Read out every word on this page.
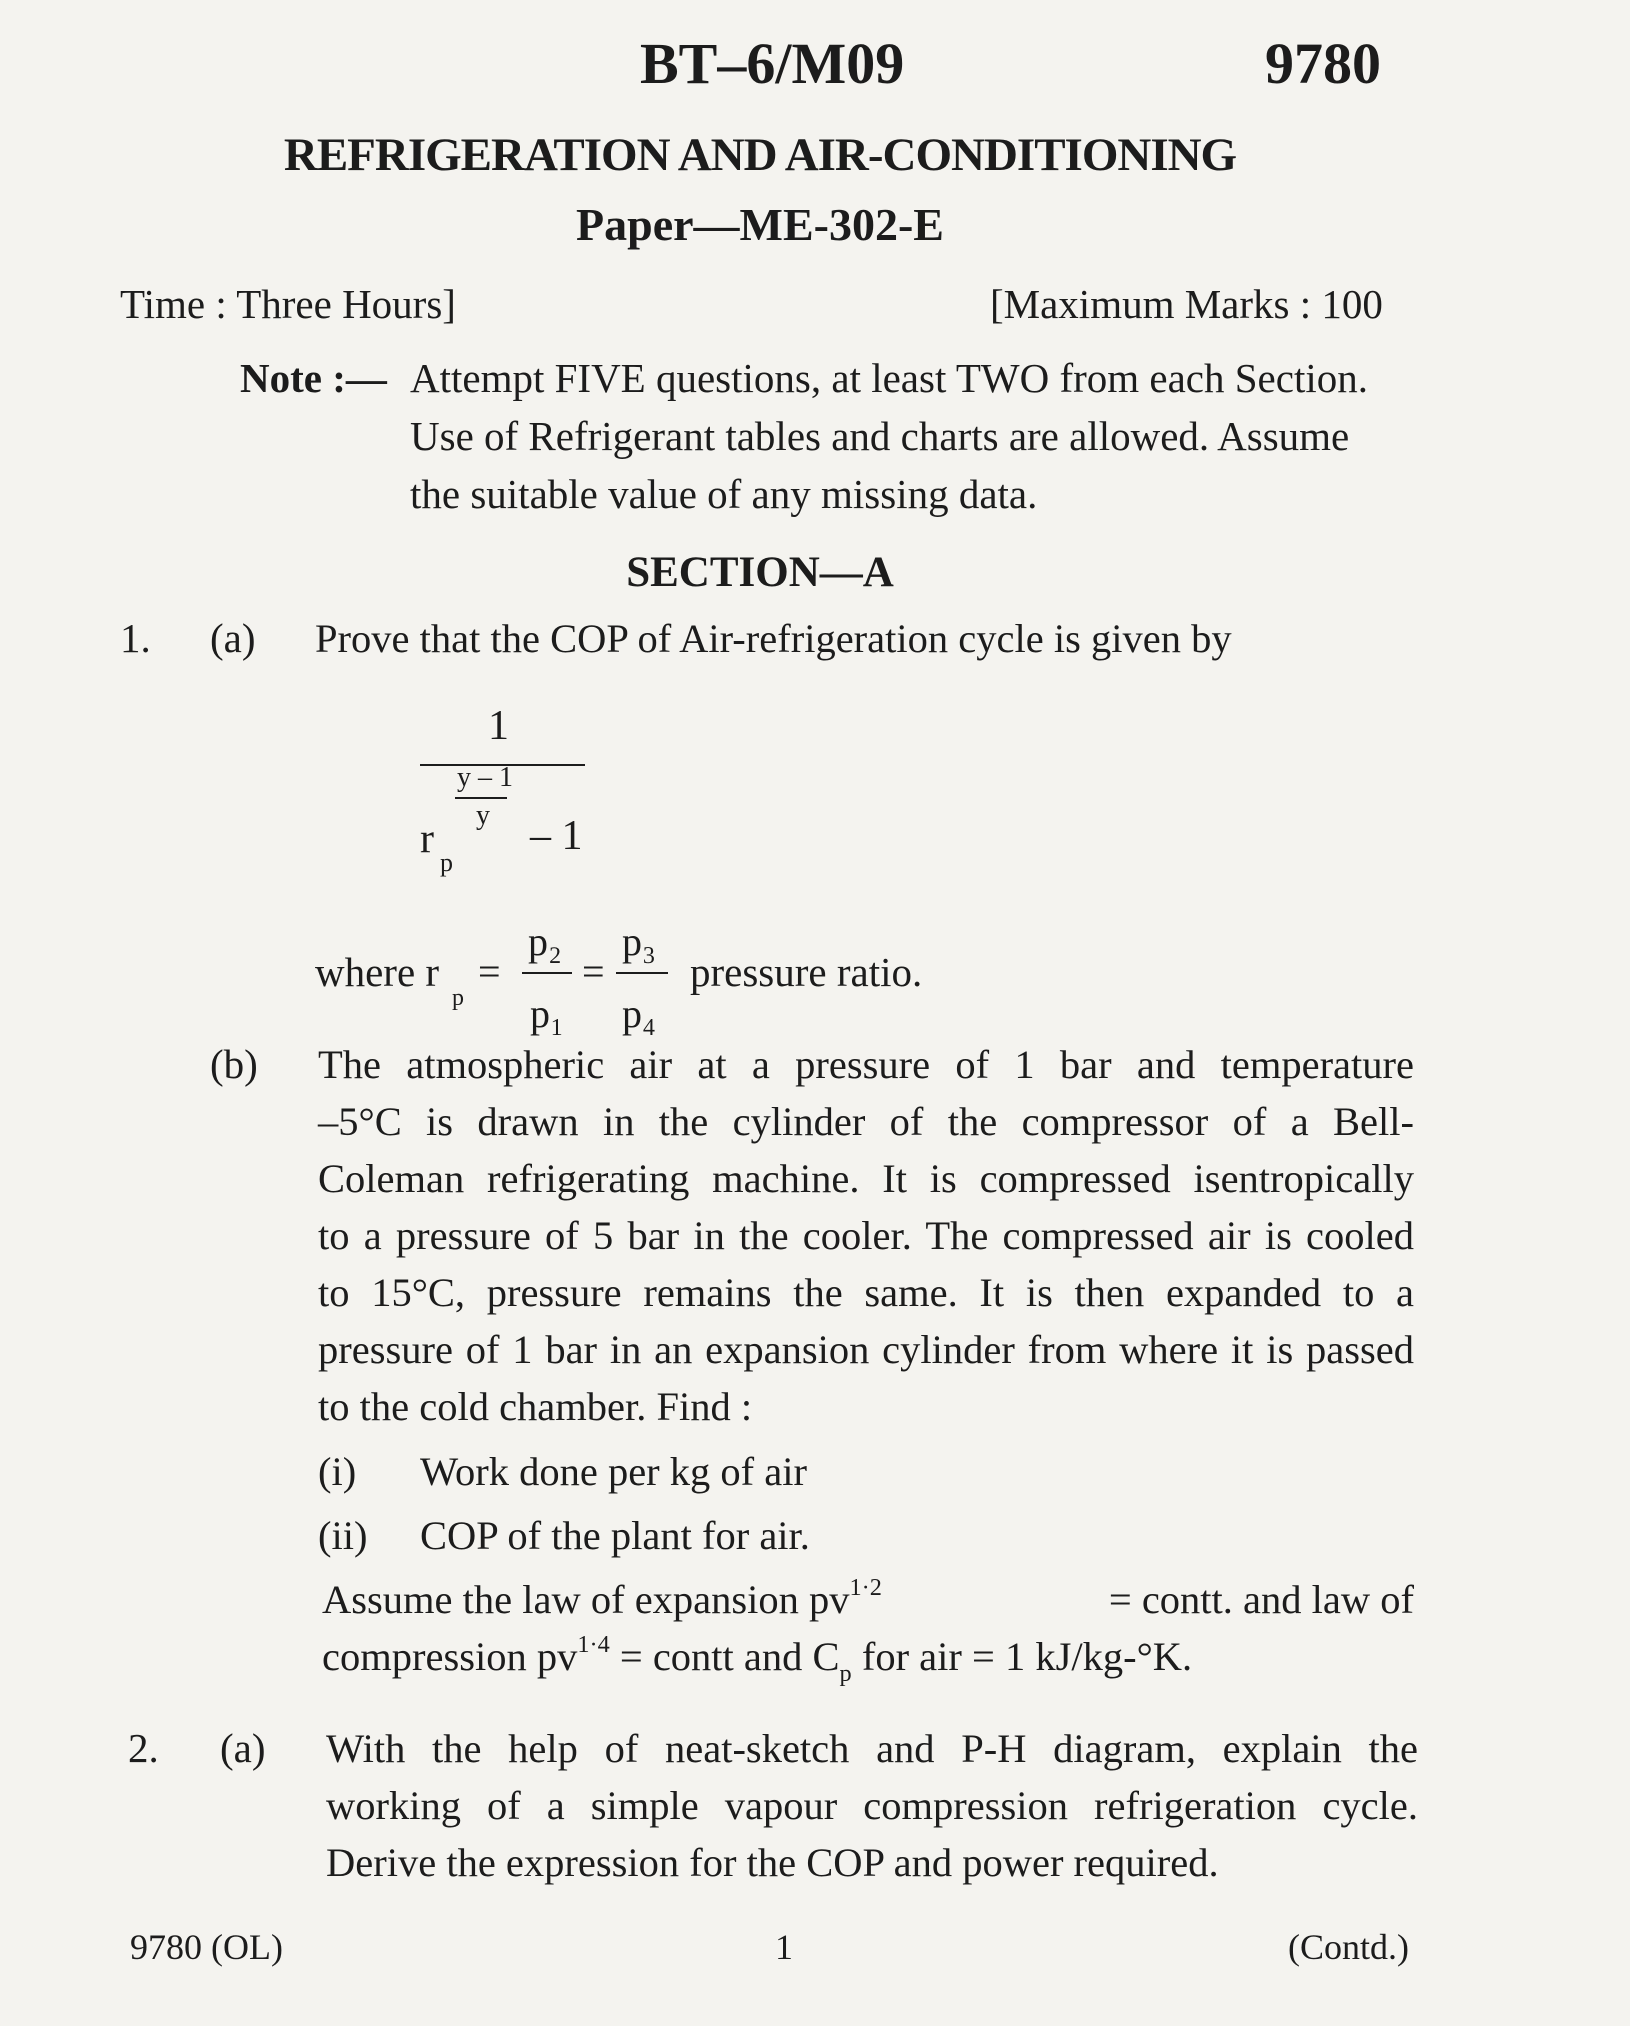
BT–6/M09	9780
REFRIGERATION AND AIR-CONDITIONING
Paper—ME-302-E
Time : Three Hours]	[Maximum Marks : 100
Note :— Attempt FIVE questions, at least TWO from each Section.
Use of Refrigerant tables and charts are allowed. Assume
the suitable value of any missing data.
SECTION—A
1. (a) Prove that the COP of Air-refrigeration cycle is given by
1
y – 1
y
r
p
– 1
where r
p
=
p₂
p₁
=
p₃
p₄
pressure ratio.
(b) The atmospheric air at a pressure of 1 bar and temperature
–5°C is drawn in the cylinder of the compressor of a Bell-
Coleman refrigerating machine. It is compressed isentropically
to a pressure of 5 bar in the cooler. The compressed air is cooled
to 15°C, pressure remains the same. It is then expanded to a
pressure of 1 bar in an expansion cylinder from where it is passed
to the cold chamber. Find :
(i) Work done per kg of air
(ii) COP of the plant for air.
Assume the law of expansion $pv^{1\cdot 2}$	= contt. and law of
compression $pv^{1\cdot 4}$ = contt and $C_p$ for air = 1 kJ/kg-°K.
2. (a) With the help of neat-sketch and P-H diagram, explain the
working of a simple vapour compression refrigeration cycle.
Derive the expression for the COP and power required.
9780 (OL)	1	(Contd.)
